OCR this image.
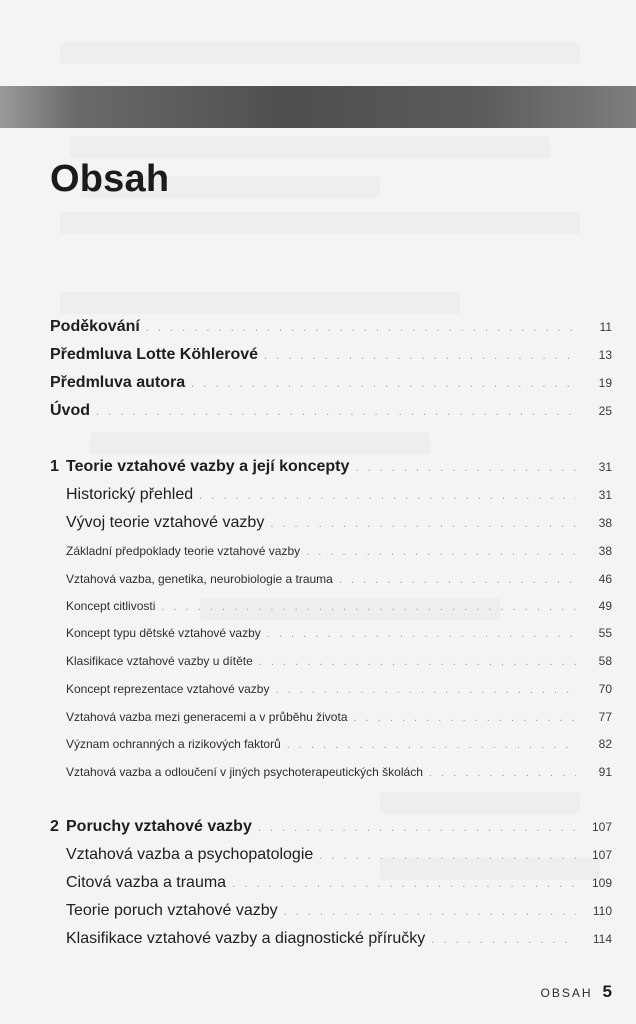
Obsah
Poděkování . . .	11
Předmluva Lotte Köhlerové . . .	13
Předmluva autora . . .	19
Úvod . . .	25
1 Teorie vztahové vazby a její koncepty . . .	31
Historický přehled . . .	31
Vývoj teorie vztahové vazby . . .	38
Základní předpoklady teorie vztahové vazby . . .	38
Vztahová vazba, genetika, neurobiologie a trauma . . .	46
Koncept citlivosti . . .	49
Koncept typu dětské vztahové vazby . . .	55
Klasifikace vztahové vazby u dítěte . . .	58
Koncept reprezentace vztahové vazby . . .	70
Vztahová vazba mezi generacemi a v průběhu života . . .	77
Význam ochranných a rizikových faktorů . . .	82
Vztahová vazba a odloučení v jiných psychoterapeutických školách . . .	91
2 Poruchy vztahové vazby . . .	107
Vztahová vazba a psychopatologie . . .	107
Citová vazba a trauma . . .	109
Teorie poruch vztahové vazby . . .	110
Klasifikace vztahové vazby a diagnostické příručky . . .	114
OBSAH 5
